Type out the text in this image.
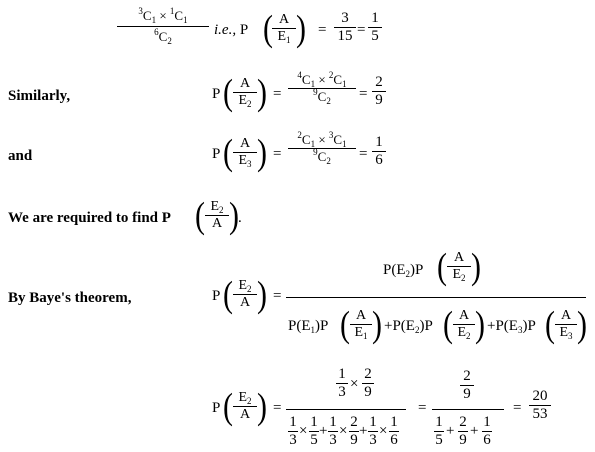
$^3C_1 \times ^1C_1$
$^6C_2$
i.e., P ( A
$E_1$ ) =
3
15 =
1
5
Similarly,	P ( A
$E_2$ ) =
$^4C_1 \times ^2C_1$
$^9C_2$	=
2
9
and	P ( A
$E_3$ ) =
$^2C_1 \times ^3C_1$
$^9C_2$	=
1
6
We are required to find P ( $E_2$
A ) .
By Baye's theorem,	P ( $E_2$
A ) =
$P(E_2)P$ ( A
$E_2$ )
$P(E_1)P$ ( A
$E_1$ ) $+P(E_2)P$ ( A
$E_2$ ) $+P(E_3)P$ ( A
$E_3$ )
P ( $E_2$
A ) =
1
3 ×
2
9
1
3
×
1
5
+
1
3
×
2
9
+
1
3
×
1
6
=
2
9
1
5
+
2
9
+
1
6
=
20
53
